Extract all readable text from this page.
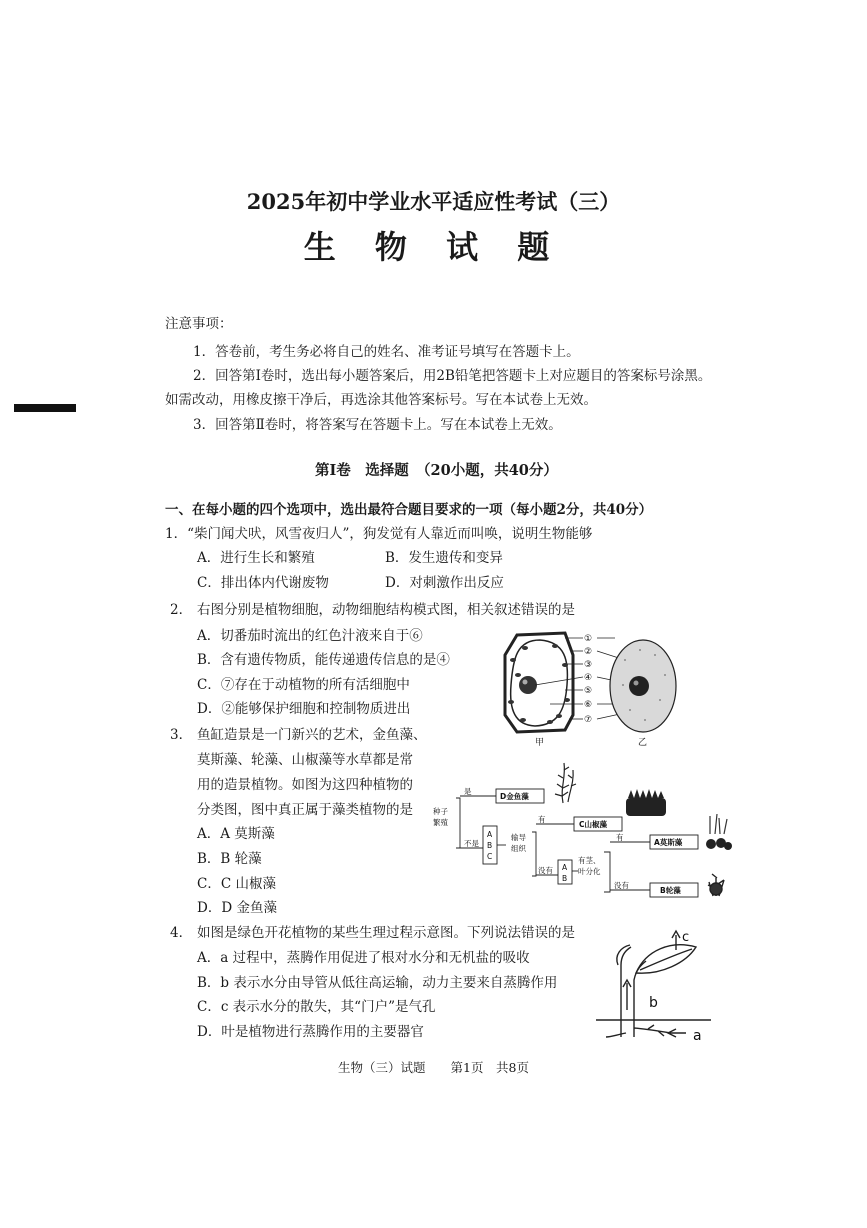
2025年初中学业水平适应性考试（三）
生 物 试 题
注意事项：
1．答卷前，考生务必将自己的姓名、准考证号填写在答题卡上。
2．回答第Ⅰ卷时，选出每小题答案后，用2B铅笔把答题卡上对应题目的答案标号涂黑。
如需改动，用橡皮擦干净后，再选涂其他答案标号。写在本试卷上无效。
3．回答第Ⅱ卷时，将答案写在答题卡上。写在本试卷上无效。
第Ⅰ卷　选择题　（20小题，共40分）
一、在每小题的四个选项中，选出最符合题目要求的一项（每小题2分，共40分）
1．“柴门闻犬吠，风雪夜归人”，狗发觉有人靠近而叫唤，说明生物能够
A．进行生长和繁殖	B．发生遗传和变异
C．排出体内代谢废物	D．对刺激作出反应
2． 右图分别是植物细胞，动物细胞结构模式图，相关叙述错误的是
A．切番茄时流出的红色汁液来自于⑥
B．含有遗传物质，能传递遗传信息的是④
C．⑦存在于动植物的所有活细胞中
D．②能够保护细胞和控制物质进出
①
②
③
④
⑤
⑥
⑦
甲	乙
3． 鱼缸造景是一门新兴的艺术，金鱼藻、
莫斯藻、轮藻、山椒藻等水草都是常
用的造景植物。如图为这四种植物的
分类图，图中真正属于藻类植物的是
A．A 莫斯藻
B．B 轮藻
C．C 山椒藻
D．D 金鱼藻
种子
繁殖
是
不是
D金鱼藻
A
B
C
输导
组织
有
没有
C山椒藻
A
B
有茎、
叶分化
有
没有
A莫斯藻
B轮藻
4． 如图是绿色开花植物的某些生理过程示意图。下列说法错误的是
A．a 过程中，蒸腾作用促进了根对水分和无机盐的吸收
B．b 表示水分由导管从低往高运输，动力主要来自蒸腾作用
C．c 表示水分的散失，其“门户”是气孔
D．叶是植物进行蒸腾作用的主要器官
b
c
a
生物（三）试题　　第1页　共8页
